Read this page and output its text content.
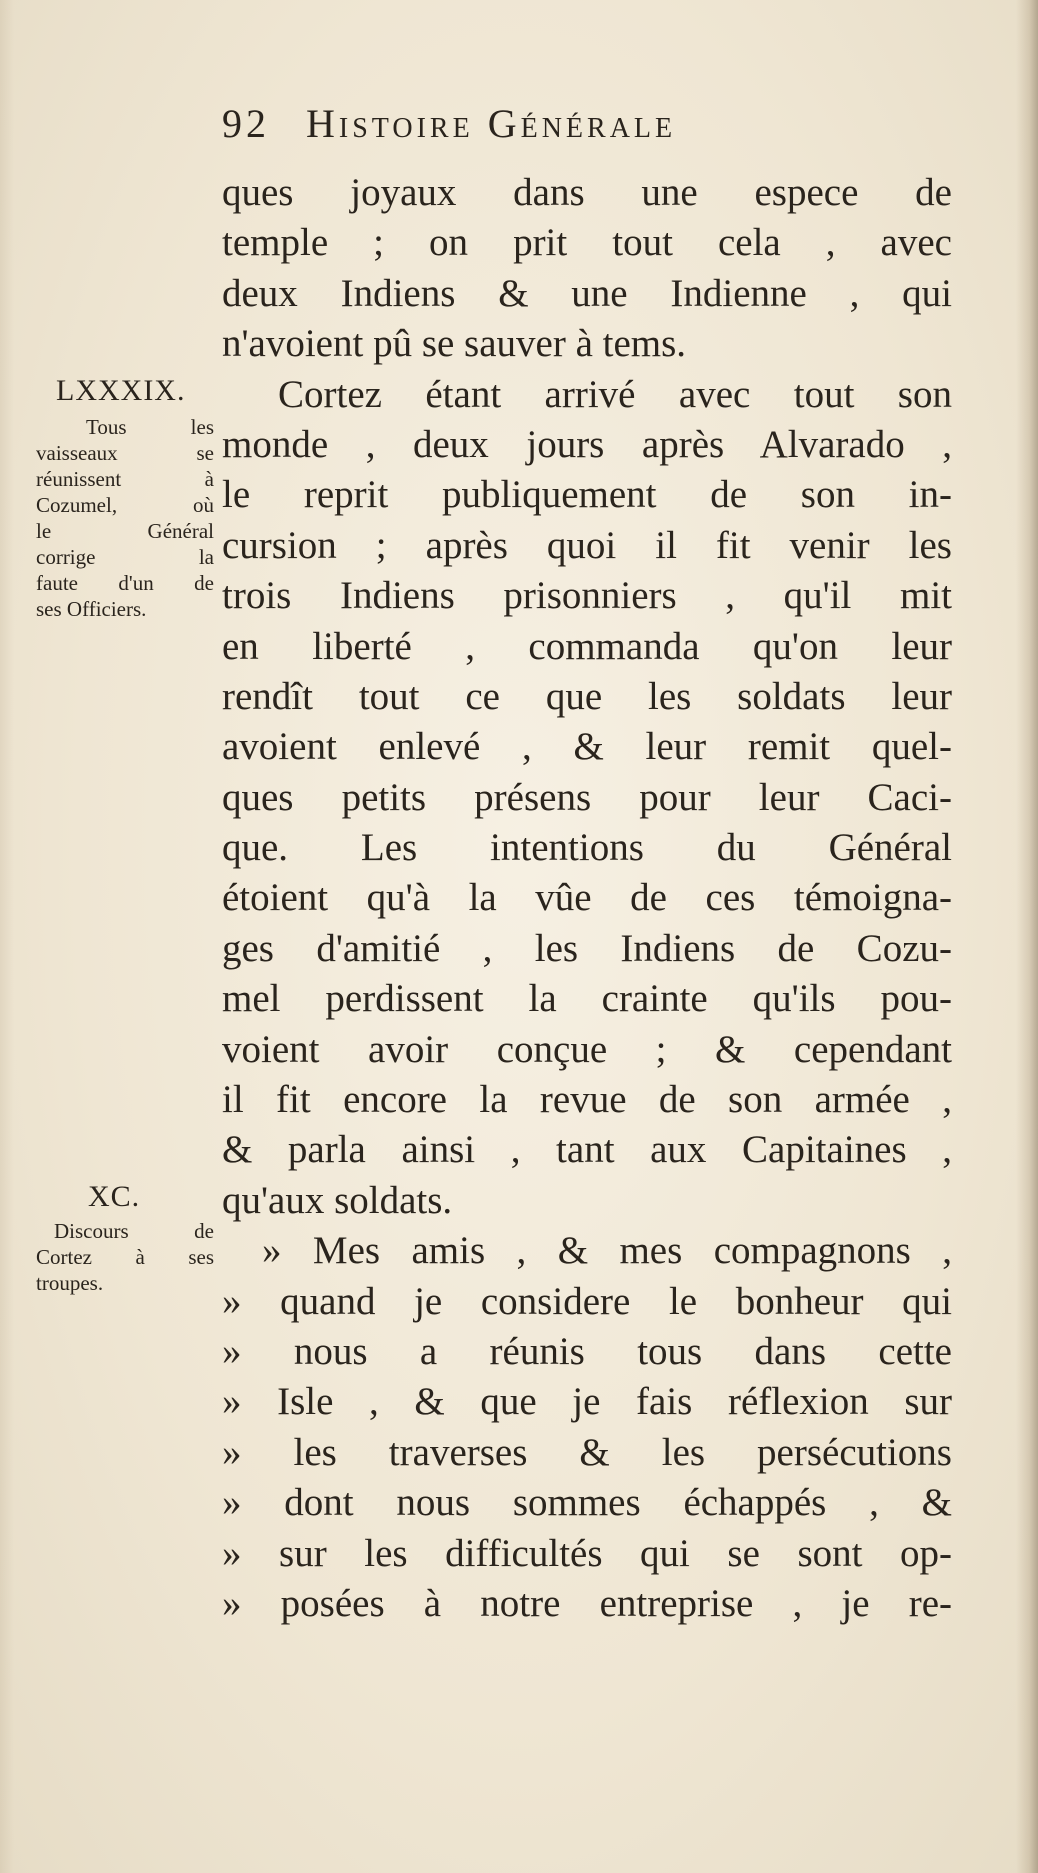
92 Histoire Générale
LXXXIX.
Tous les
vaisseaux se
réunissent à
Cozumel, où
le Général
corrige la
faute d'un de
ses Officiers.
XC.
Discours de
Cortez à ses
troupes.
ques joyaux dans une espece de
temple ; on prit tout cela , avec
deux Indiens & une Indienne , qui
n'avoient pû se sauver à tems.
Cortez étant arrivé avec tout son
monde , deux jours après Alvarado ,
le reprit publiquement de son in-
cursion ; après quoi il fit venir les
trois Indiens prisonniers , qu'il mit
en liberté , commanda qu'on leur
rendît tout ce que les soldats leur
avoient enlevé , & leur remit quel-
ques petits présens pour leur Caci-
que. Les intentions du Général
étoient qu'à la vûe de ces témoigna-
ges d'amitié , les Indiens de Cozu-
mel perdissent la crainte qu'ils pou-
voient avoir conçue ; & cependant
il fit encore la revue de son armée ,
& parla ainsi , tant aux Capitaines ,
qu'aux soldats.
» Mes amis , & mes compagnons ,
» quand je considere le bonheur qui
» nous a réunis tous dans cette
» Isle , & que je fais réflexion sur
» les traverses & les persécutions
» dont nous sommes échappés , &
» sur les difficultés qui se sont op-
» posées à notre entreprise , je re-
